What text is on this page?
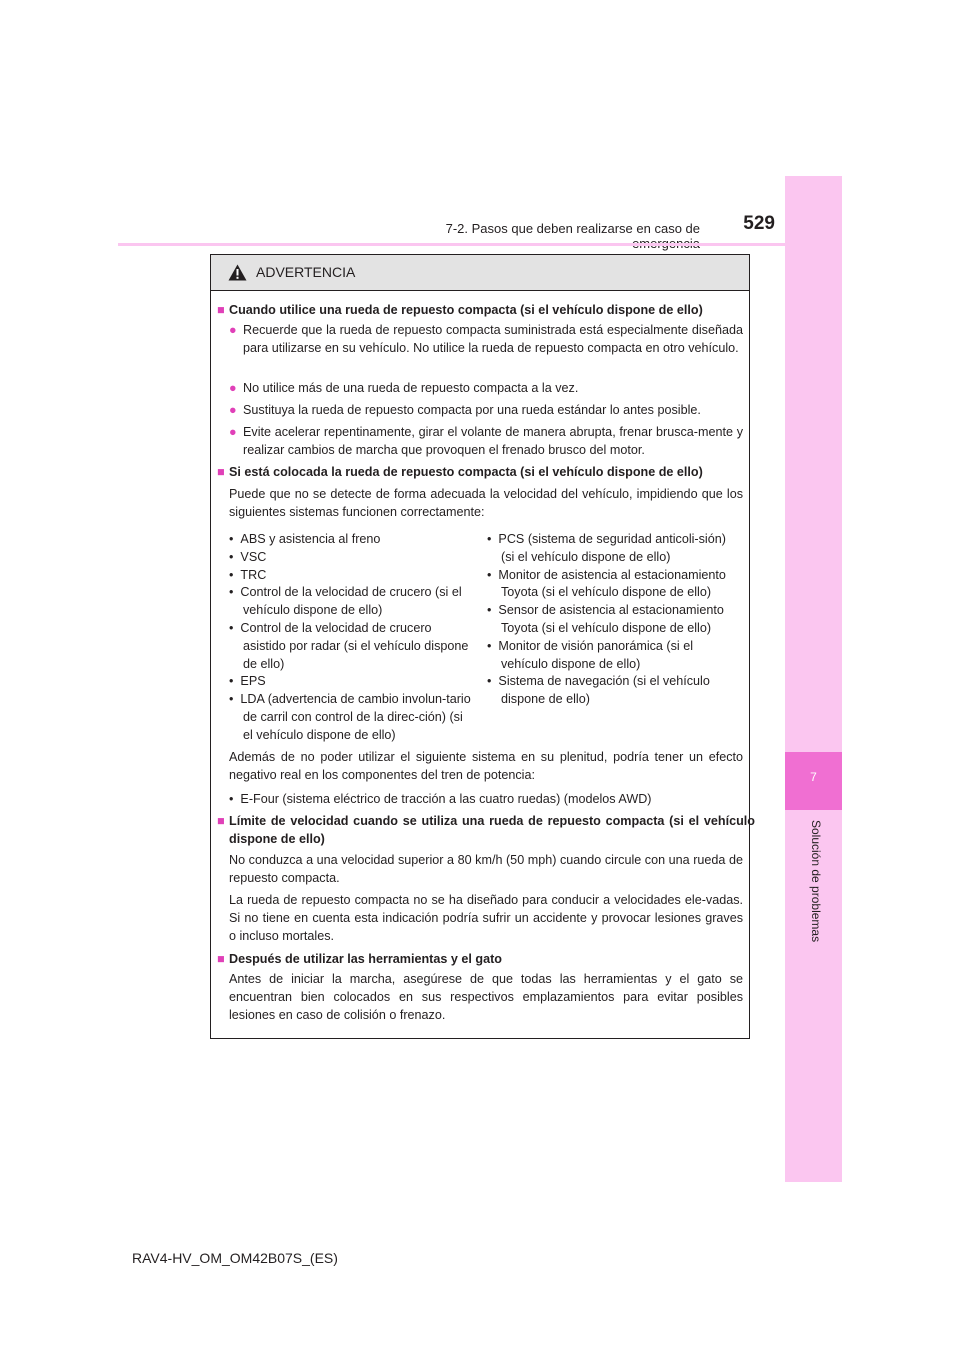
7
Solución de problemas
7-2. Pasos que deben realizarse en caso de	529
ADVERTENCIA
■ Cuando utilice una rueda de repuesto compacta (si el vehículo dispone de ello)
● Recuerde que la rueda de repuesto compacta suministrada está especialmente diseñada para utilizarse en su vehículo. No utilice la rueda de repuesto compacta en otro vehículo.
● No utilice más de una rueda de repuesto compacta a la vez.
● Sustituya la rueda de repuesto compacta por una rueda estándar lo antes posible.
● Evite acelerar repentinamente, girar el volante de manera abrupta, frenar brusca-mente y realizar cambios de marcha que provoquen el frenado brusco del motor.
■ Si está colocada la rueda de repuesto compacta (si el vehículo dispone de ello)
Puede que no se detecte de forma adecuada la velocidad del vehículo, impidiendo que los siguientes sistemas funcionen correctamente:
•  ABS y asistencia al freno
•  VSC
•  TRC
•  Control de la velocidad de crucero (si el vehículo dispone de ello)
•  Control de la velocidad de crucero asistido por radar (si el vehículo dispone de ello)
•  EPS
•  LDA (advertencia de cambio involun-tario de carril con control de la direc-ción) (si el vehículo dispone de ello)
•  PCS (sistema de seguridad anticoli-sión) (si el vehículo dispone de ello)
•  Monitor de asistencia al estacionamiento Toyota (si el vehículo dispone de ello)
•  Sensor de asistencia al estacionamiento Toyota (si el vehículo dispone de ello)
•  Monitor de visión panorámica (si el vehículo dispone de ello)
•  Sistema de navegación (si el vehículo dispone de ello)
Además de no poder utilizar el siguiente sistema en su plenitud, podría tener un efecto negativo real en los componentes del tren de potencia:
•  E-Four (sistema eléctrico de tracción a las cuatro ruedas) (modelos AWD)
■ Límite de velocidad cuando se utiliza una rueda de repuesto compacta (si el vehículo dispone de ello)
No conduzca a una velocidad superior a 80 km/h (50 mph) cuando circule con una rueda de repuesto compacta.
La rueda de repuesto compacta no se ha diseñado para conducir a velocidades ele-vadas. Si no tiene en cuenta esta indicación podría sufrir un accidente y provocar lesiones graves o incluso mortales.
■ Después de utilizar las herramientas y el gato
Antes de iniciar la marcha, asegúrese de que todas las herramientas y el gato se encuentran bien colocados en sus respectivos emplazamientos para evitar posibles lesiones en caso de colisión o frenazo.
RAV4-HV_OM_OM42B07S_(ES)
